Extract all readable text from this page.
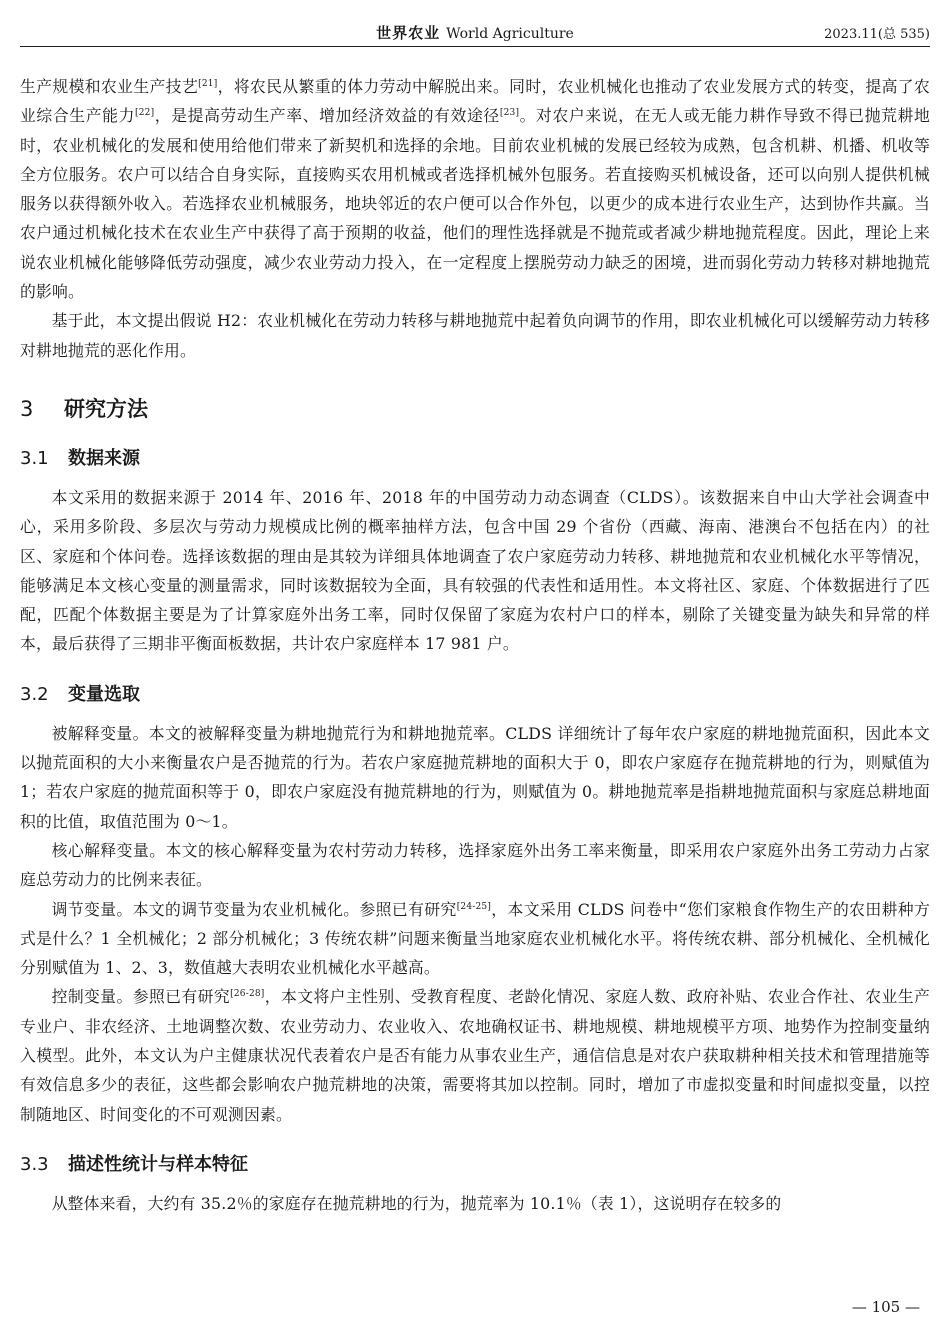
世界农业 World Agriculture	2023.11(总 535)

生产规模和农业生产技艺[21]，将农民从繁重的体力劳动中解脱出来。同时，农业机械化也推动了农业发展方式的转变，提高了农业综合生产能力[22]，是提高劳动生产率、增加经济效益的有效途径[23]。对农户来说，在无人或无能力耕作导致不得已抛荒耕地时，农业机械化的发展和使用给他们带来了新契机和选择的余地。目前农业机械的发展已经较为成熟，包含机耕、机播、机收等全方位服务。农户可以结合自身实际，直接购买农用机械或者选择机械外包服务。若直接购买机械设备，还可以向别人提供机械服务以获得额外收入。若选择农业机械服务，地块邻近的农户便可以合作外包，以更少的成本进行农业生产，达到协作共赢。当农户通过机械化技术在农业生产中获得了高于预期的收益，他们的理性选择就是不抛荒或者减少耕地抛荒程度。因此，理论上来说农业机械化能够降低劳动强度，减少农业劳动力投入，在一定程度上摆脱劳动力缺乏的困境，进而弱化劳动力转移对耕地抛荒的影响。

基于此，本文提出假说 H2：农业机械化在劳动力转移与耕地抛荒中起着负向调节的作用，即农业机械化可以缓解劳动力转移对耕地抛荒的恶化作用。

3 研究方法
3.1 数据来源

本文采用的数据来源于 2014 年、2016 年、2018 年的中国劳动力动态调查（CLDS）。该数据来自中山大学社会调查中心，采用多阶段、多层次与劳动力规模成比例的概率抽样方法，包含中国 29 个省份（西藏、海南、港澳台不包括在内）的社区、家庭和个体问卷。选择该数据的理由是其较为详细具体地调查了农户家庭劳动力转移、耕地抛荒和农业机械化水平等情况，能够满足本文核心变量的测量需求，同时该数据较为全面，具有较强的代表性和适用性。本文将社区、家庭、个体数据进行了匹配，匹配个体数据主要是为了计算家庭外出务工率，同时仅保留了家庭为农村户口的样本，剔除了关键变量为缺失和异常的样本，最后获得了三期非平衡面板数据，共计农户家庭样本 17 981 户。

3.2 变量选取

被解释变量。本文的被解释变量为耕地抛荒行为和耕地抛荒率。CLDS 详细统计了每年农户家庭的耕地抛荒面积，因此本文以抛荒面积的大小来衡量农户是否抛荒的行为。若农户家庭抛荒耕地的面积大于 0，即农户家庭存在抛荒耕地的行为，则赋值为 1；若农户家庭的抛荒面积等于 0，即农户家庭没有抛荒耕地的行为，则赋值为 0。耕地抛荒率是指耕地抛荒面积与家庭总耕地面积的比值，取值范围为 0～1。

核心解释变量。本文的核心解释变量为农村劳动力转移，选择家庭外出务工率来衡量，即采用农户家庭外出务工劳动力占家庭总劳动力的比例来表征。

调节变量。本文的调节变量为农业机械化。参照已有研究[24-25]，本文采用 CLDS 问卷中“您们家粮食作物生产的农田耕种方式是什么？1 全机械化；2 部分机械化；3 传统农耕”问题来衡量当地家庭农业机械化水平。将传统农耕、部分机械化、全机械化分别赋值为 1、2、3，数值越大表明农业机械化水平越高。

控制变量。参照已有研究[26-28]，本文将户主性别、受教育程度、老龄化情况、家庭人数、政府补贴、农业合作社、农业生产专业户、非农经济、土地调整次数、农业劳动力、农业收入、农地确权证书、耕地规模、耕地规模平方项、地势作为控制变量纳入模型。此外，本文认为户主健康状况代表着农户是否有能力从事农业生产，通信信息是对农户获取耕种相关技术和管理措施等有效信息多少的表征，这些都会影响农户抛荒耕地的决策，需要将其加以控制。同时，增加了市虚拟变量和时间虚拟变量，以控制随地区、时间变化的不可观测因素。

3.3 描述性统计与样本特征

从整体来看，大约有 35.2％的家庭存在抛荒耕地的行为，抛荒率为 10.1％（表 1），这说明存在较多的

— 105 —
